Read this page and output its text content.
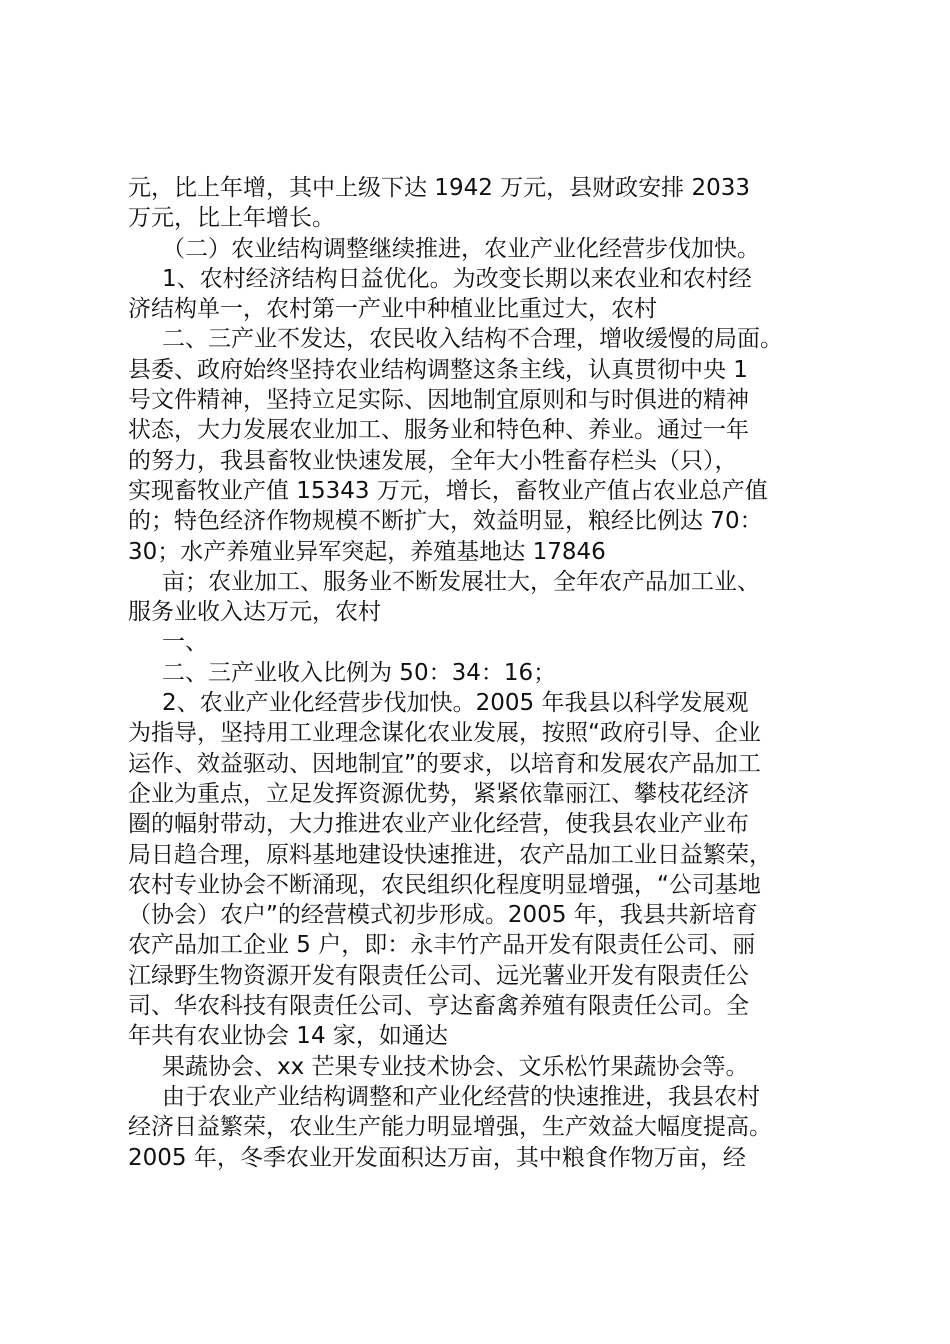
元，比上年增，其中上级下达 1942 万元，县财政安排 2033
万元，比上年增长。
（二）农业结构调整继续推进，农业产业化经营步伐加快。
1、农村经济结构日益优化。为改变长期以来农业和农村经
济结构单一，农村第一产业中种植业比重过大，农村
二、三产业不发达，农民收入结构不合理，增收缓慢的局面。
县委、政府始终坚持农业结构调整这条主线，认真贯彻中央 1
号文件精神，坚持立足实际、因地制宜原则和与时俱进的精神
状态，大力发展农业加工、服务业和特色种、养业。通过一年
的努力，我县畜牧业快速发展，全年大小牲畜存栏头（只），
实现畜牧业产值 15343 万元，增长，畜牧业产值占农业总产值
的；特色经济作物规模不断扩大，效益明显，粮经比例达 70：
30；水产养殖业异军突起，养殖基地达 17846
亩；农业加工、服务业不断发展壮大，全年农产品加工业、
服务业收入达万元，农村
一、
二、三产业收入比例为 50：34：16；
2、农业产业化经营步伐加快。2005 年我县以科学发展观
为指导，坚持用工业理念谋化农业发展，按照“政府引导、企业
运作、效益驱动、因地制宜”的要求，以培育和发展农产品加工
企业为重点，立足发挥资源优势，紧紧依靠丽江、攀枝花经济
圈的幅射带动，大力推进农业产业化经营，使我县农业产业布
局日趋合理，原料基地建设快速推进，农产品加工业日益繁荣，
农村专业协会不断涌现，农民组织化程度明显增强，“公司基地
（协会）农户”的经营模式初步形成。2005 年，我县共新培育
农产品加工企业 5 户，即：永丰竹产品开发有限责任公司、丽
江绿野生物资源开发有限责任公司、远光薯业开发有限责任公
司、华农科技有限责任公司、亨达畜禽养殖有限责任公司。全
年共有农业协会 14 家，如通达
果蔬协会、xx 芒果专业技术协会、文乐松竹果蔬协会等。
由于农业产业结构调整和产业化经营的快速推进，我县农村
经济日益繁荣，农业生产能力明显增强，生产效益大幅度提高。
2005 年，冬季农业开发面积达万亩，其中粮食作物万亩，经
